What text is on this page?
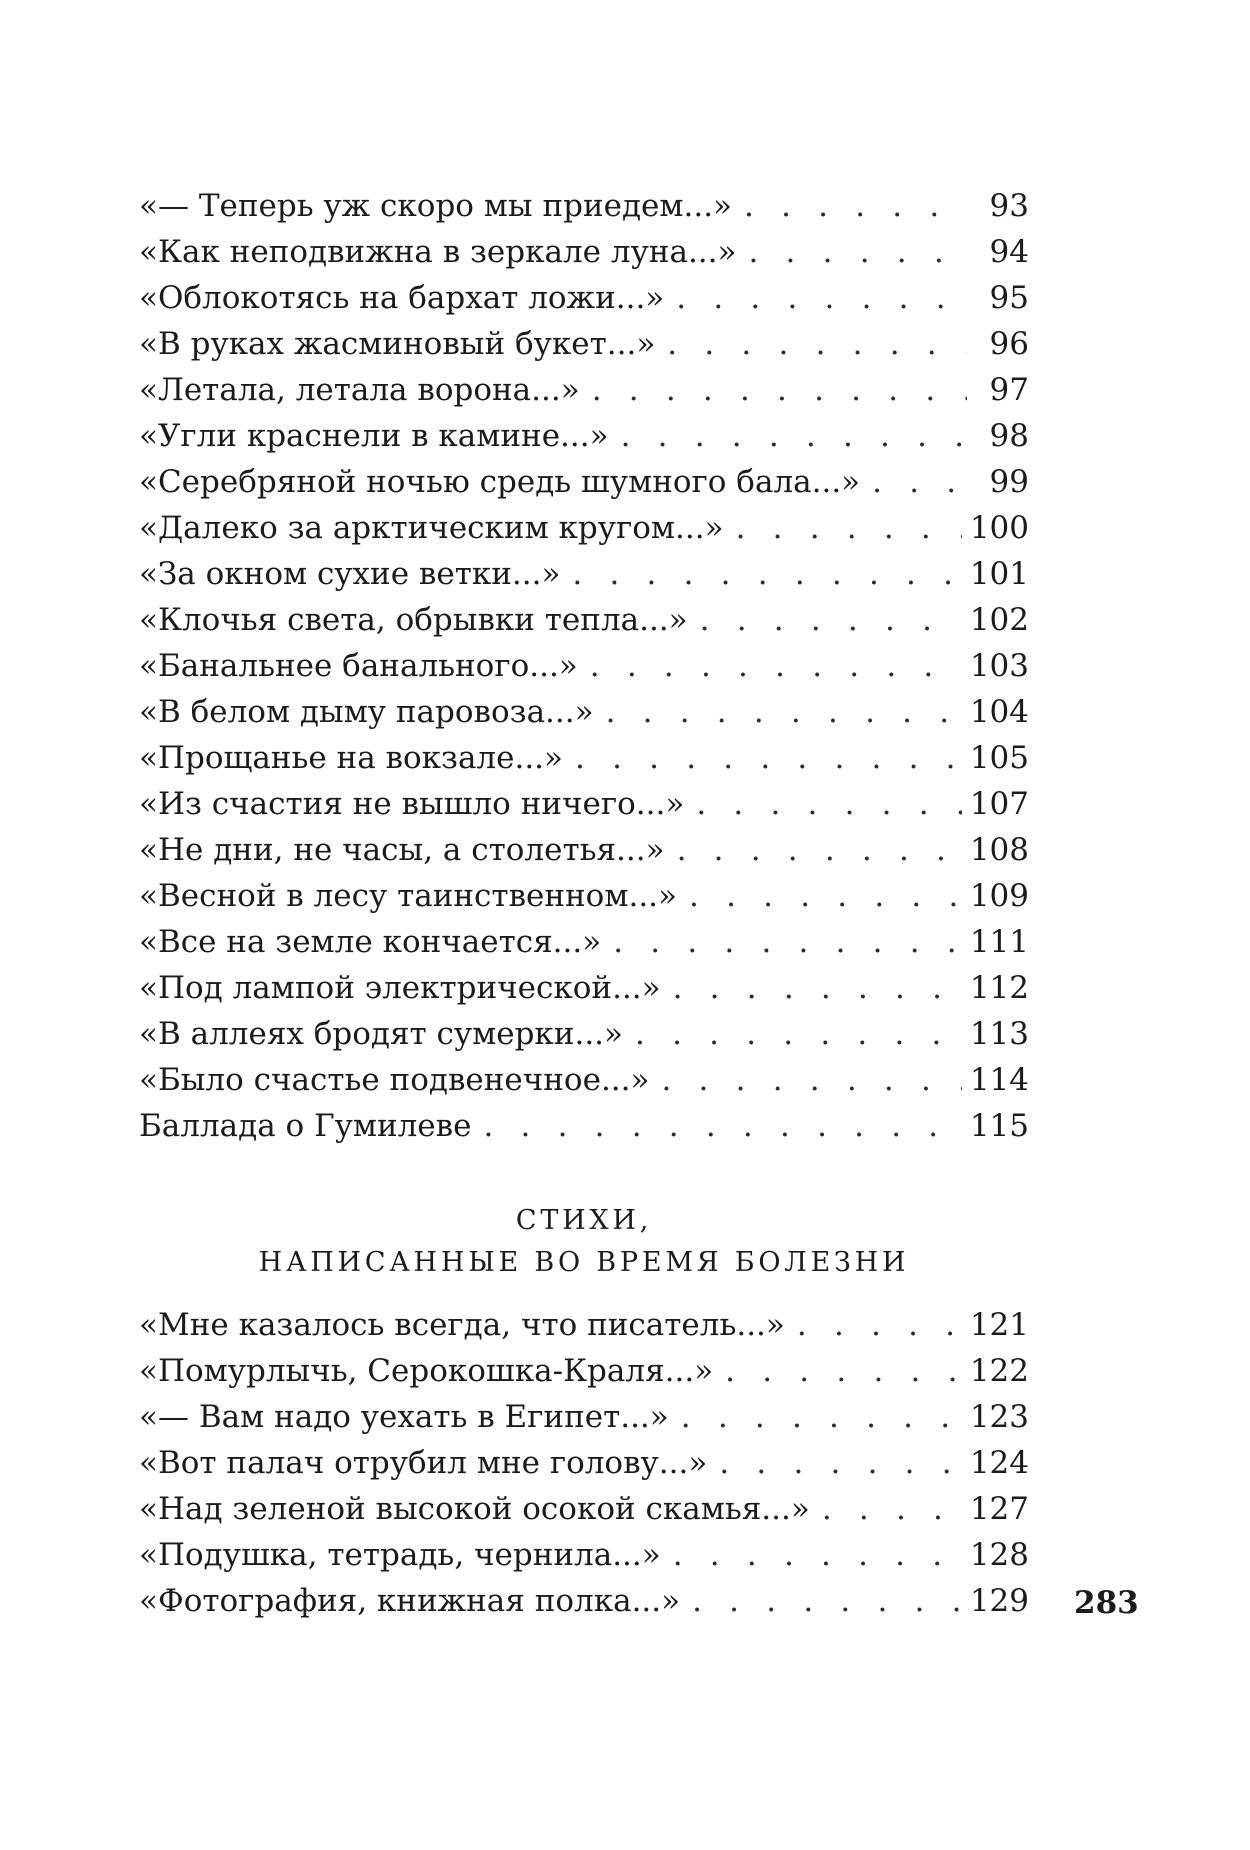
«— Теперь уж скоро мы приедем...» . . .	93
«Как неподвижна в зеркале луна...» . . .	94
«Облокотясь на бархат ложи...» . . .	95
«В руках жасминовый букет...» . . .	96
«Летала, летала ворона...» . . .	97
«Угли краснели в камине...» . . .	98
«Серебряной ночью средь шумного бала...» . . .	99
«Далеко за арктическим кругом...» . . .	100
«За окном сухие ветки...» . . .	101
«Клочья света, обрывки тепла...» . . .	102
«Банальнее банального...» . . .	103
«В белом дыму паровоза...» . . .	104
«Прощанье на вокзале...» . . .	105
«Из счастия не вышло ничего...» . . .	107
«Не дни, не часы, а столетья...» . . .	108
«Весной в лесу таинственном...» . . .	109
«Все на земле кончается...» . . .	111
«Под лампой электрической...» . . .	112
«В аллеях бродят сумерки...» . . .	113
«Было счастье подвенечное...» . . .	114
Баллада о Гумилеве . . .	115
СТИХИ,
НАПИСАННЫЕ ВО ВРЕМЯ БОЛЕЗНИ
«Мне казалось всегда, что писатель...» . . .	121
«Помурлычь, Серокошка-Краля...» . . .	122
«— Вам надо уехать в Египет...» . . .	123
«Вот палач отрубил мне голову...» . . .	124
«Над зеленой высокой осокой скамья...» . . .	127
«Подушка, тетрадь, чернила...» . . .	128
«Фотография, книжная полка...» . . .	129 283
